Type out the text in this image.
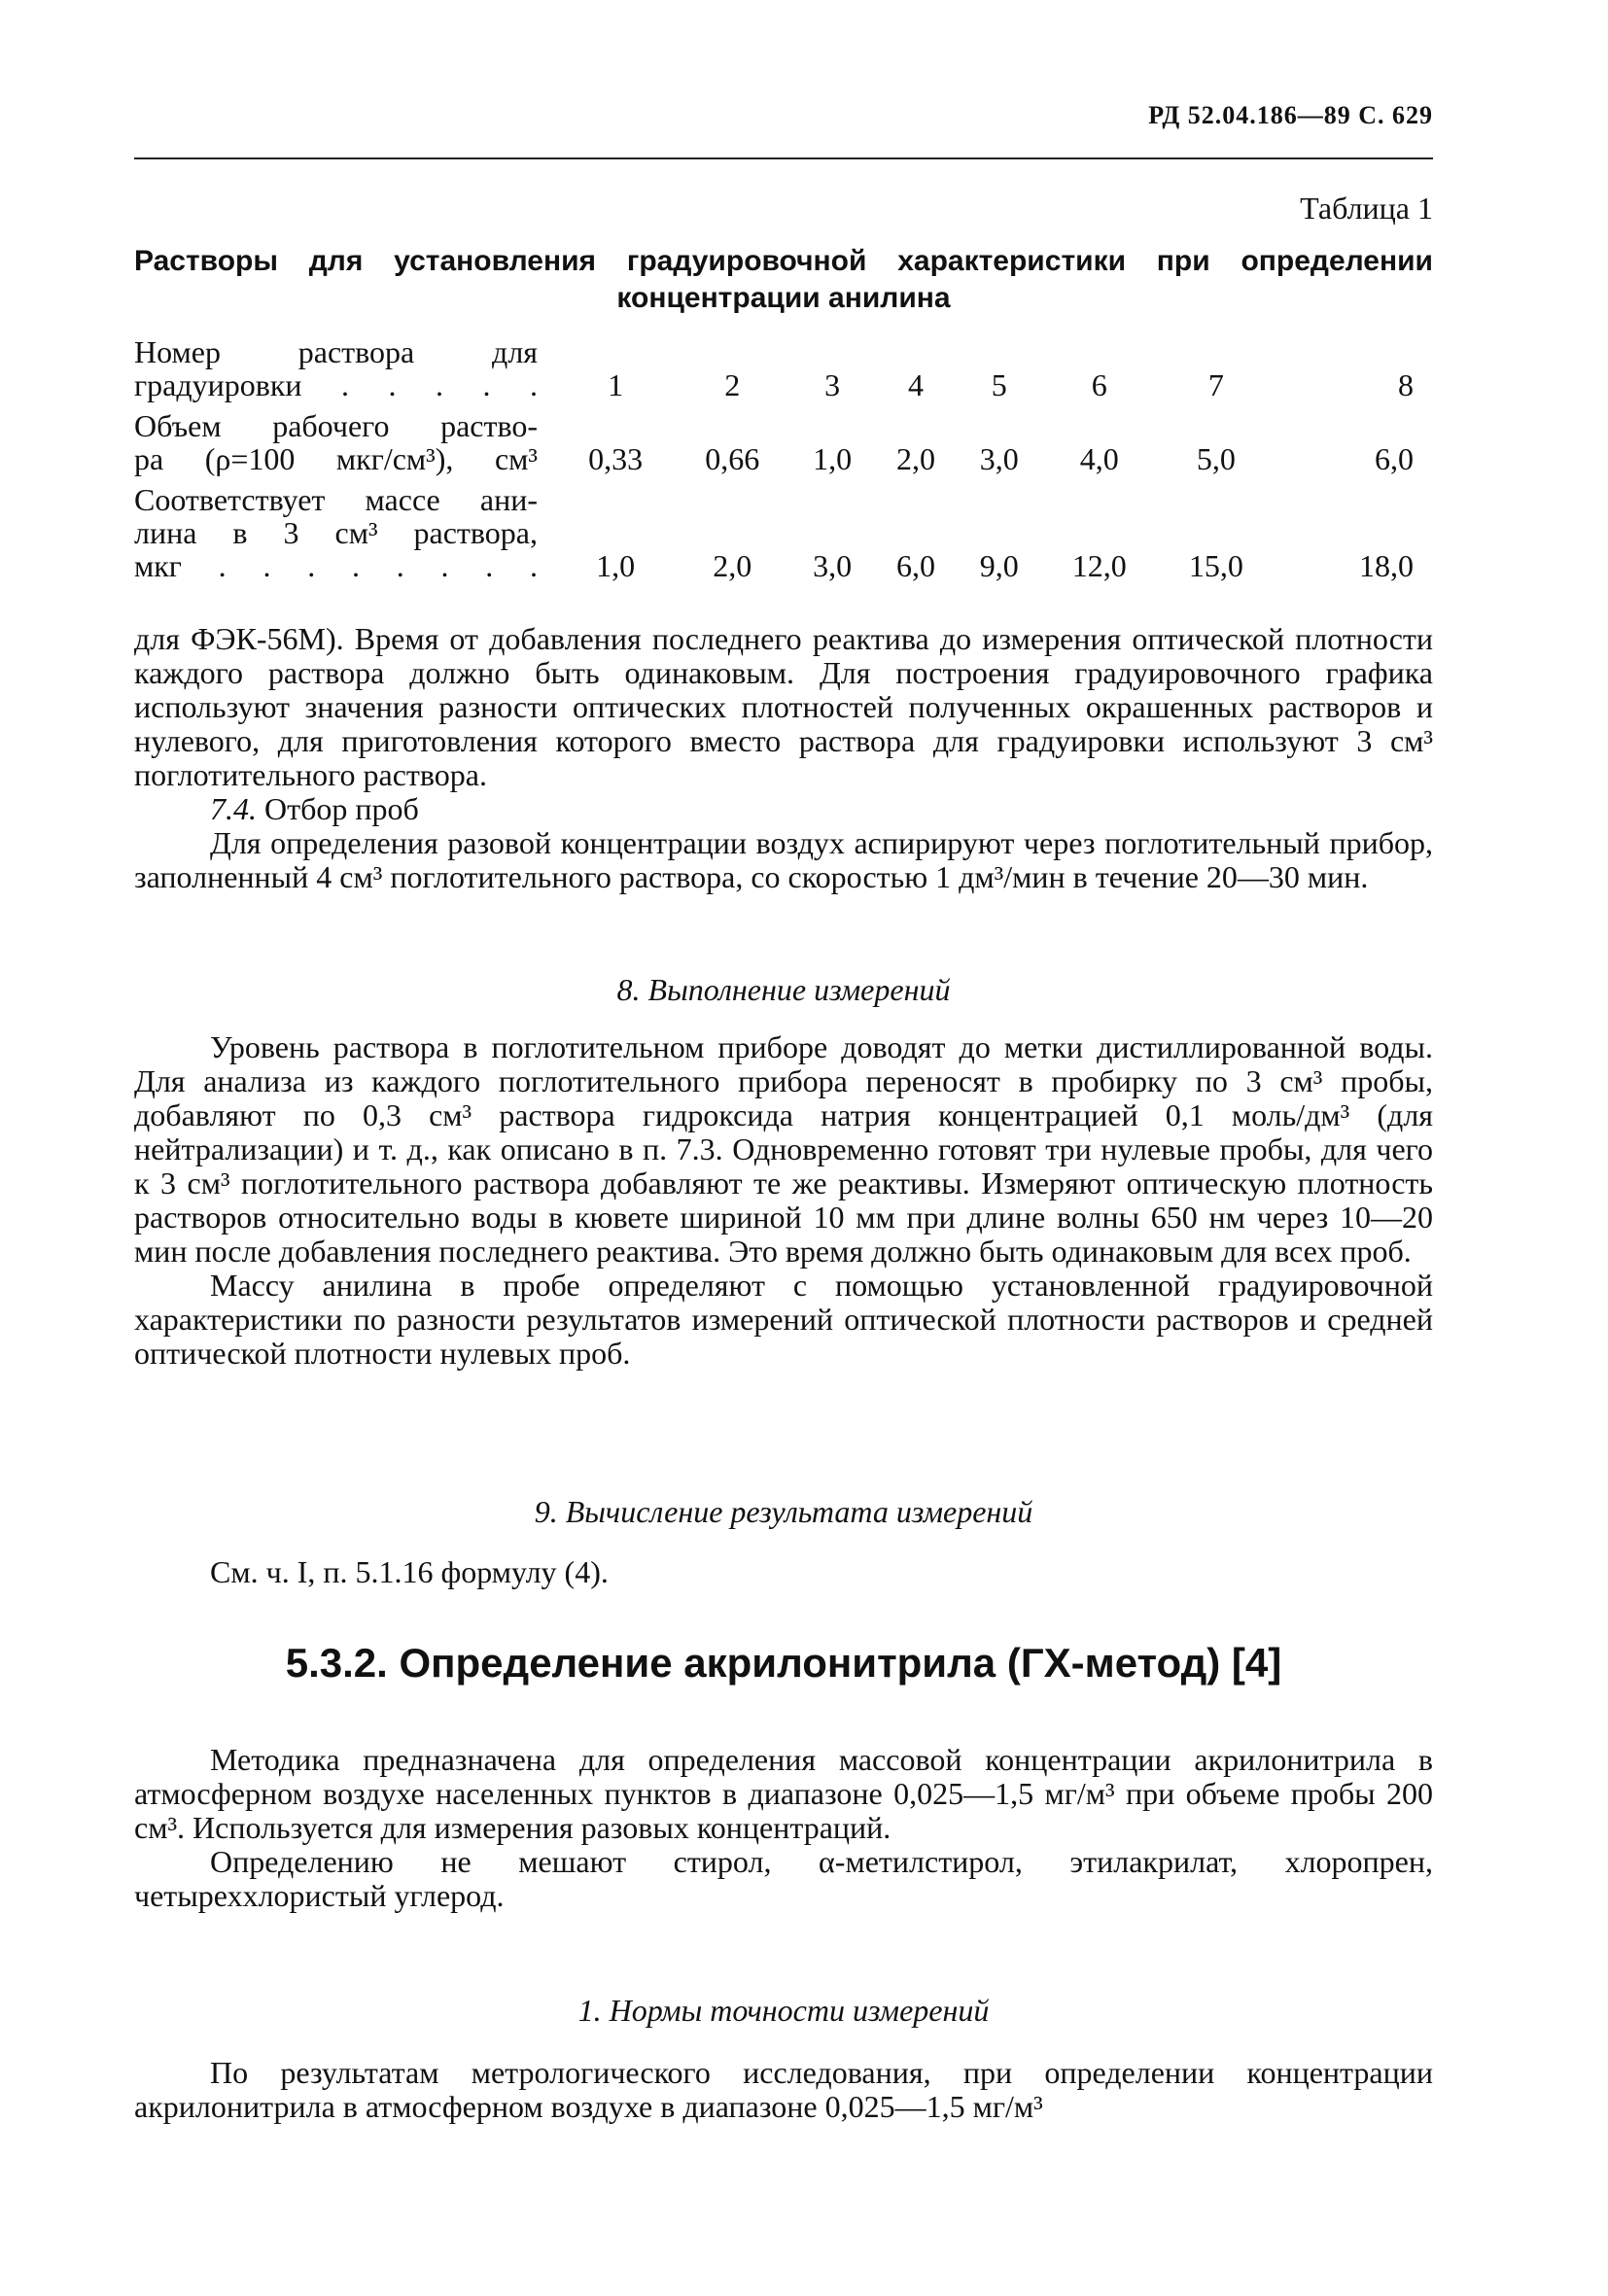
РД 52.04.186—89 С. 629
Таблица 1
Растворы для установления градуировочной характеристики при определении
концентрации анилина
Номер раствора для
градуировки . . . . .	1	2	3	4	5	6	7	8

Объем рабочего раство-
ра (ρ=100 мкг/см³), см³	0,33	0,66	1,0	2,0	3,0	4,0	5,0	6,0

Соответствует массе ани-
лина в 3 см³ раствора,
мкг . . . . . . . .	1,0	2,0	3,0	6,0	9,0	12,0	15,0	18,0

для ФЭК-56М). Время от добавления последнего реактива до измерения оптической плотности каждого раствора должно быть одинаковым. Для построения градуировочного графика используют значения разности оптических плотностей полученных окрашенных растворов и нулевого, для приготовления которого вместо раствора для градуировки используют 3 см³ поглотительного раствора.

7.4. Отбор проб

Для определения разовой концентрации воздух аспирируют через поглотительный прибор, заполненный 4 см³ поглотительного раствора, со скоростью 1 дм³/мин в течение 20—30 мин.

8. Выполнение измерений

Уровень раствора в поглотительном приборе доводят до метки дистиллированной воды. Для анализа из каждого поглотительного прибора переносят в пробирку по 3 см³ пробы, добавляют по 0,3 см³ раствора гидроксида натрия концентрацией 0,1 моль/дм³ (для нейтрализации) и т. д., как описано в п. 7.3. Одновременно готовят три нулевые пробы, для чего к 3 см³ поглотительного раствора добавляют те же реактивы. Измеряют оптическую плотность растворов относительно воды в кювете шириной 10 мм при длине волны 650 нм через 10—20 мин после добавления последнего реактива. Это время должно быть одинаковым для всех проб.

Массу анилина в пробе определяют с помощью установленной градуировочной характеристики по разности результатов измерений оптической плотности растворов и средней оптической плотности нулевых проб.

9. Вычисление результата измерений

См. ч. I, п. 5.1.16 формулу (4).

5.3.2. Определение акрилонитрила (ГХ-метод) [4]

Методика предназначена для определения массовой концентрации акрилонитрила в атмосферном воздухе населенных пунктов в диапазоне 0,025—1,5 мг/м³ при объеме пробы 200 см³. Используется для измерения разовых концентраций.

Определению не мешают стирол, α-метилстирол, этилакрилат, хлоропрен, четыреххлористый углерод.

1. Нормы точности измерений

По результатам метрологического исследования, при определении концентрации акрилонитрила в атмосферном воздухе в диапазоне 0,025—1,5 мг/м³
